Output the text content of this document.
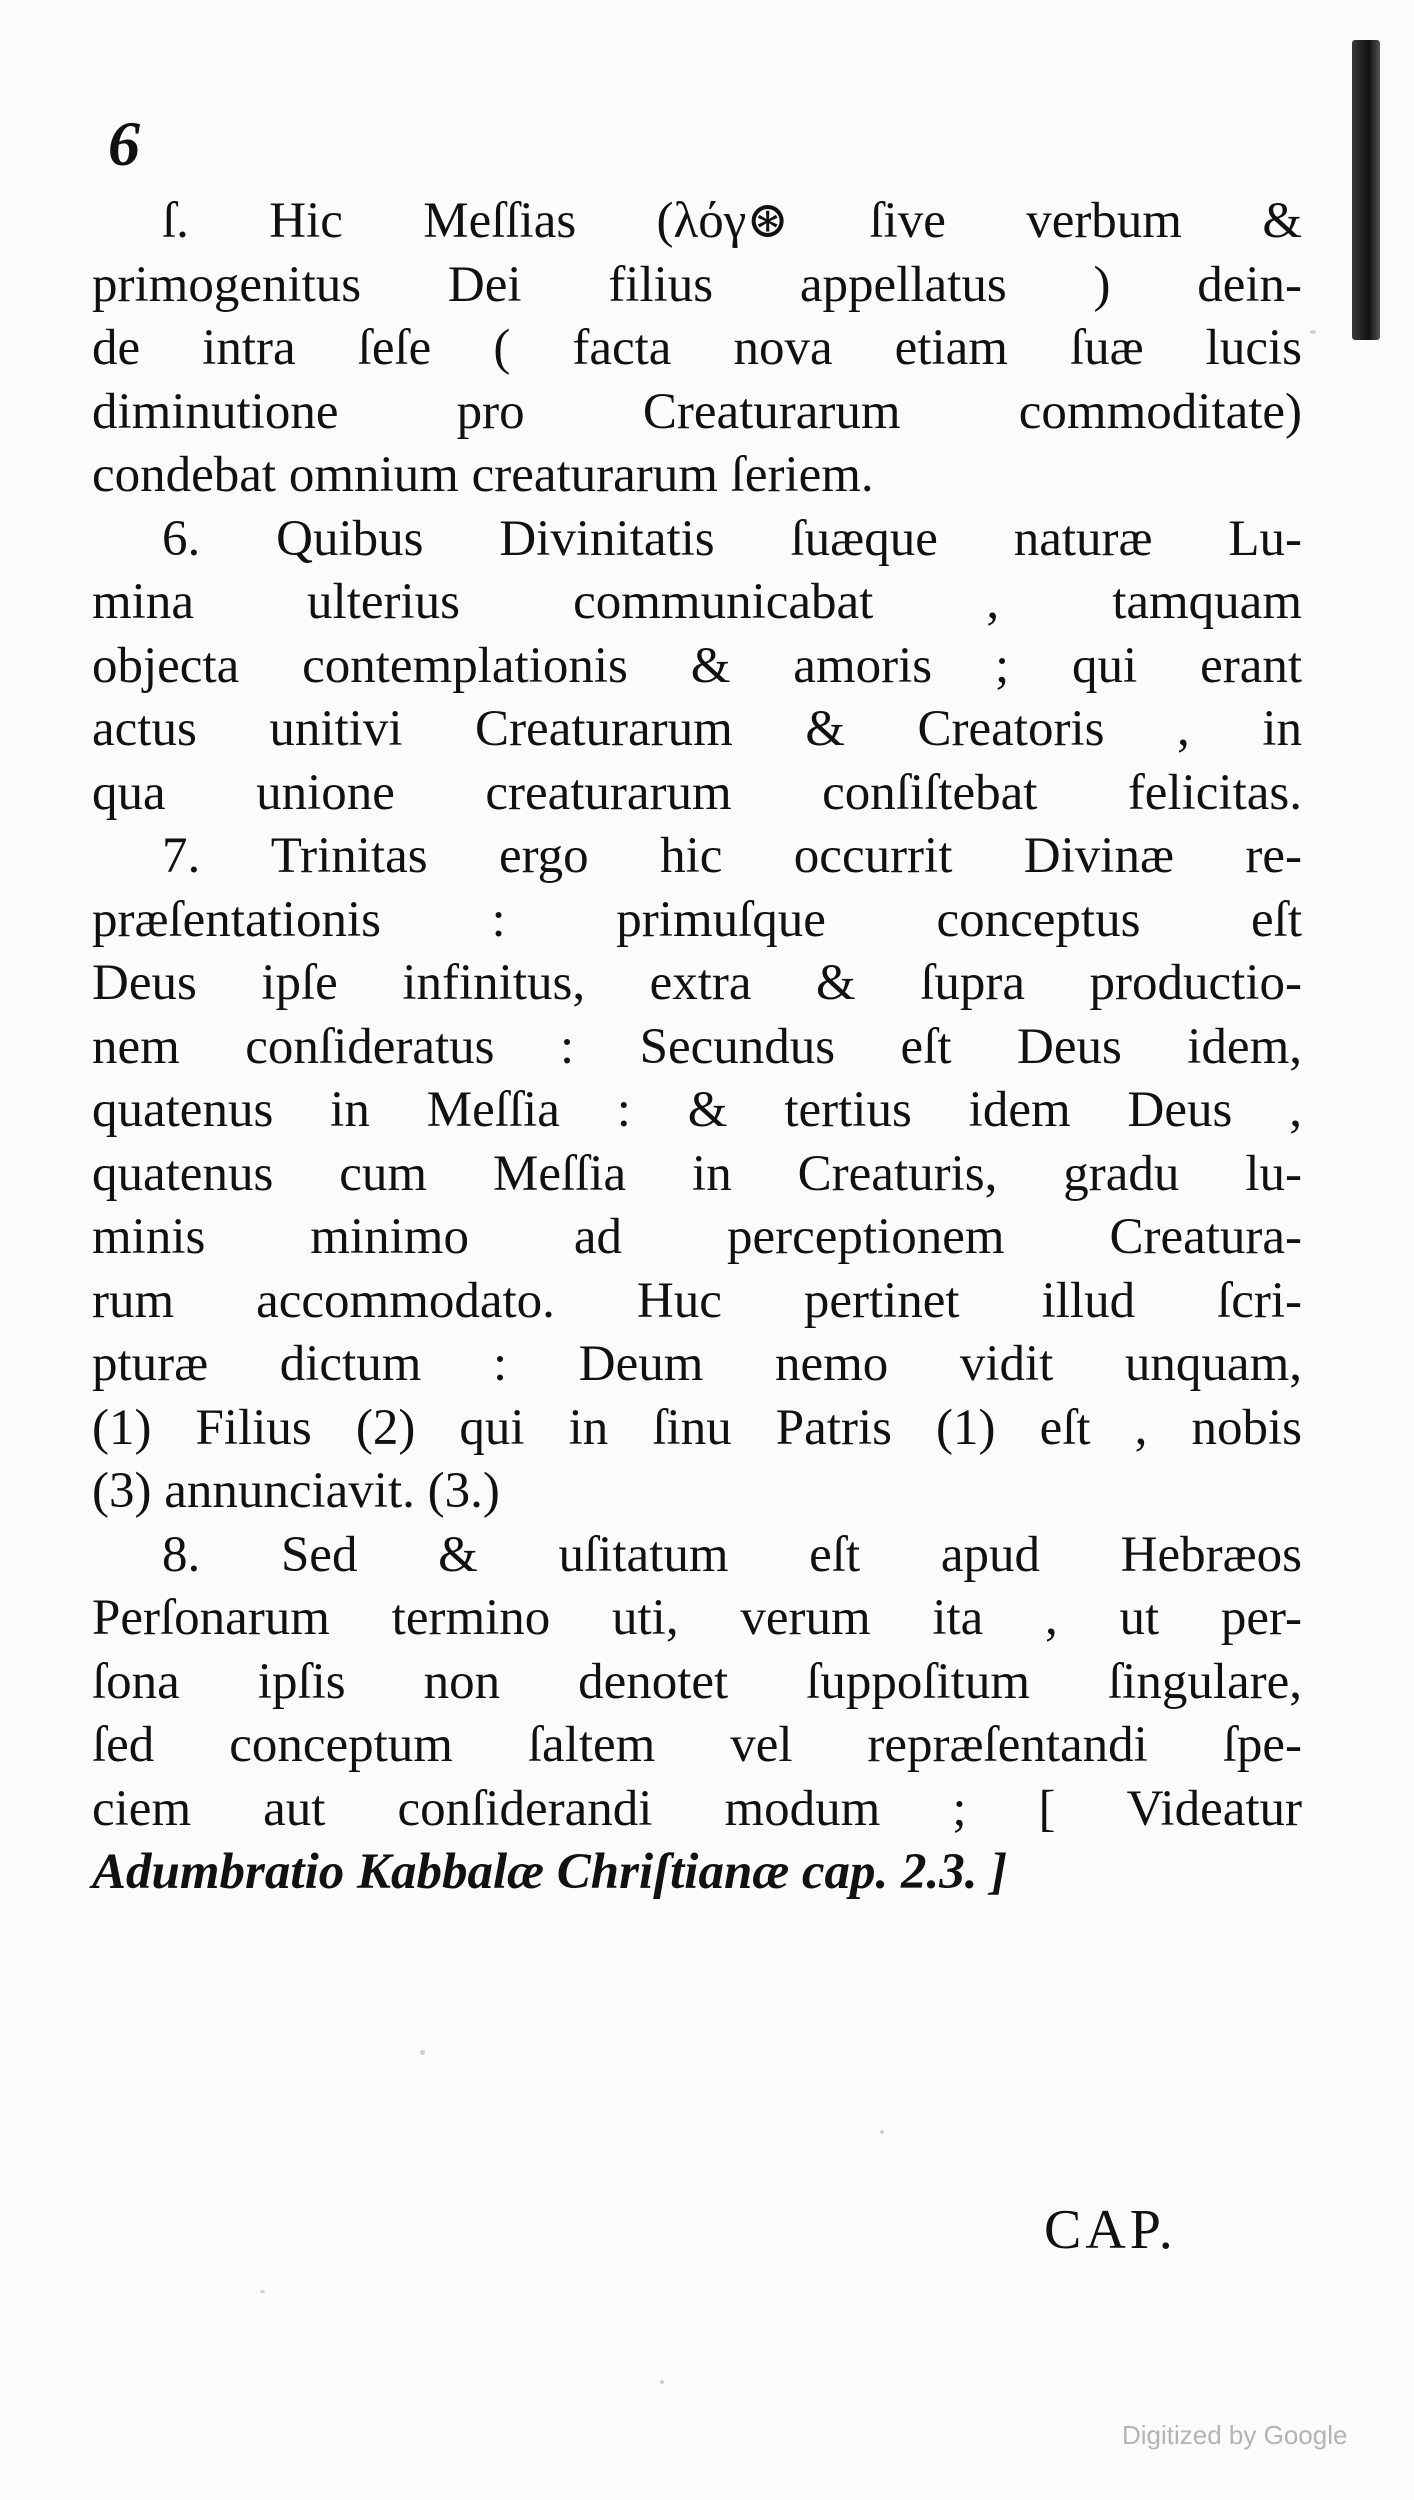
6
ſ. Hic Meſſias (λόγ⊛ ſive verbum &
primogenitus Dei filius appellatus ) dein-
de intra ſeſe ( facta nova etiam ſuæ lucis
diminutione pro Creaturarum commoditate)
condebat omnium creaturarum ſeriem.
6. Quibus Divinitatis ſuæque naturæ Lu-
mina ulterius communicabat , tamquam
objecta contemplationis & amoris ; qui erant
actus unitivi Creaturarum & Creatoris , in
qua unione creaturarum conſiſtebat felicitas.
7. Trinitas ergo hic occurrit Divinæ re-
præſentationis : primuſque conceptus eſt
Deus ipſe infinitus, extra & ſupra productio-
nem conſideratus : Secundus eſt Deus idem,
quatenus in Meſſia : & tertius idem Deus ,
quatenus cum Meſſia in Creaturis, gradu lu-
minis minimo ad perceptionem Creatura-
rum accommodato. Huc pertinet illud ſcri-
pturæ dictum : Deum nemo vidit unquam,
(1) Filius (2) qui in ſinu Patris (1) eſt , nobis
(3) annunciavit. (3.)
8. Sed & uſitatum eſt apud Hebræos
Perſonarum termino uti, verum ita , ut per-
ſona ipſis non denotet ſuppoſitum ſingulare,
ſed conceptum ſaltem vel repræſentandi ſpe-
ciem aut conſiderandi modum ; [ Videatur
Adumbratio Kabbalæ Chriſtianæ cap. 2.3. ]
CAP.
Digitized by Google
